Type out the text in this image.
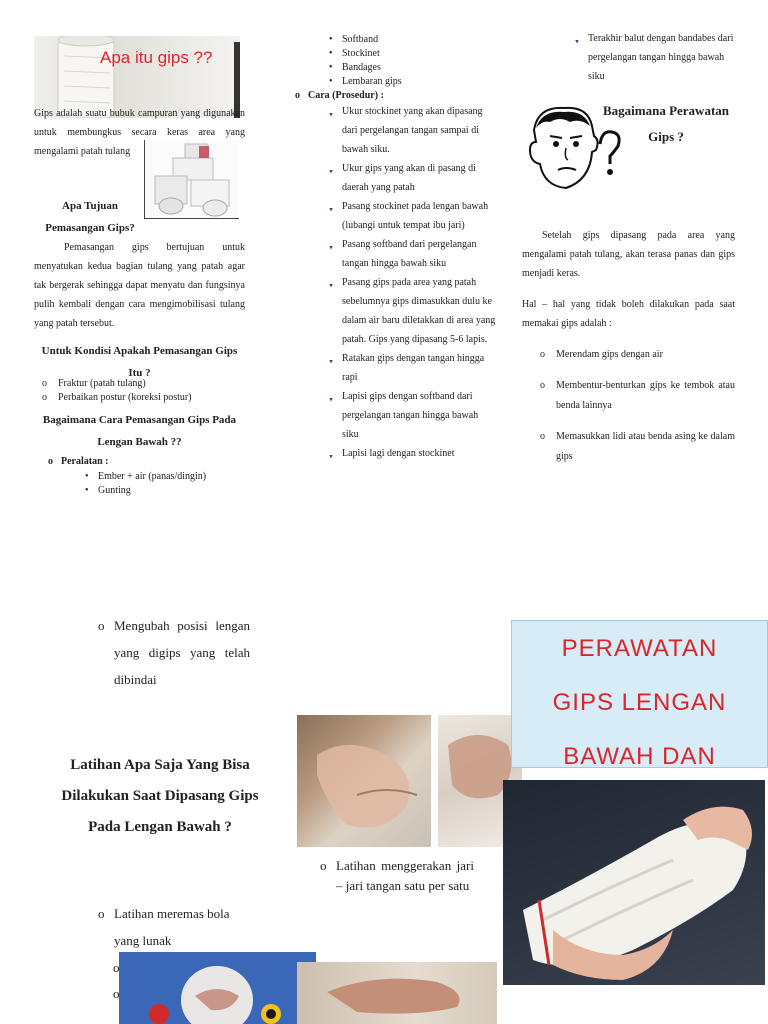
Apa itu gips ??

Gips adalah suatu bubuk campuran yang digunakan untuk membungkus secara keras area yang mengalami patah tulang

Apa Tujuan Pemasangan Gips?

Pemasangan gips bertujuan untuk menyatukan kedua bagian tulang yang patah agar tak bergerak sehingga dapat menyatu dan fungsinya pulih kembali dengan cara mengimobilisasi tulang yang patah tersebut.

Untuk Kondisi Apakah Pemasangan Gips Itu ?
o Fraktur (patah tulang)
o Perbaikan postur (koreksi postur)
Bagaimana Cara Pemasangan Gips Pada Lengan Bawah ??
o Peralatan :
• Ember + air (panas/dingin)
• Gunting
• Softband
• Stockinet
• Bandages
• Lembaran gips
o Cara (Prosedur) :
▲ Ukur stockinet yang akan dipasang dari pergelangan tangan sampai di bawah siku.
▲ Ukur gips yang akan di pasang di daerah yang patah
▲ Pasang stockinet pada lengan bawah (lubangi untuk tempat ibu jari)
▲ Pasang softband dari pergelangan tangan hingga bawah siku
▲ Pasang gips pada area yang patah sebelumnya gips dimasukkan dulu ke dalam air baru diletakkan di area yang patah. Gips yang dipasang 5-6 lapis.
▲ Ratakan gips dengan tangan hingga rapi
▲ Lapisi gips dengan softband dari pergelangan tangan hingga bawah siku
▲ Lapisi lagi dengan stockinet
▲ Terakhir balut dengan bandabes dari pergelangan tangan hingga bawah siku
Bagaimana Perawatan Gips ?

Setelah gips dipasang pada area yang mengalami patah tulang, akan terasa panas dan gips menjadi keras.

Hal – hal yang tidak boleh dilakukan pada saat memakai gips adalah :

o Merendam gips dengan air
o Membentur-benturkan gips ke tembok atau benda lainnya
o Memasukkan lidi atau benda asing ke dalam gips
o Mengubah posisi lengan yang digips yang telah dibindai
Latihan Apa Saja Yang Bisa Dilakukan Saat Dipasang Gips Pada Lengan Bawah ?
o Latihan meremas bola yang lunak
o
o
o Latihan menggerakan jari – jari tangan satu per satu
PERAWATAN
GIPS LENGAN
BAWAH DAN
